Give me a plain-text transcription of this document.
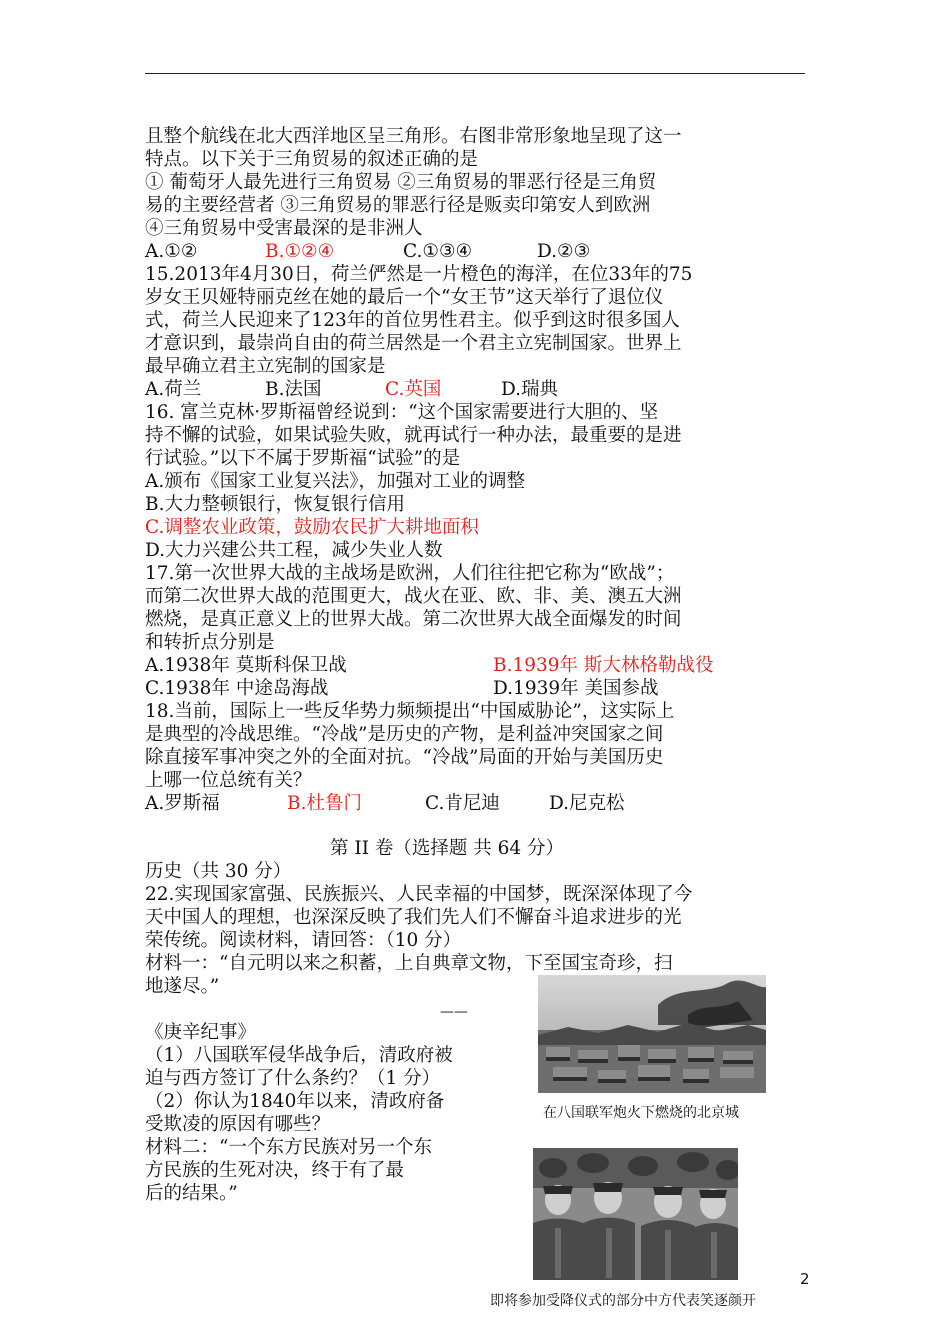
且整个航线在北大西洋地区呈三角形。右图非常形象地呈现了这一
特点。以下关于三角贸易的叙述正确的是
① 葡萄牙人最先进行三角贸易 ②三角贸易的罪恶行径是三角贸
易的主要经营者 ③三角贸易的罪恶行径是贩卖印第安人到欧洲
④三角贸易中受害最深的是非洲人
A.①②	B.①②④	C.①③④	D.②③
15.2013年4月30日，荷兰俨然是一片橙色的海洋，在位33年的75
岁女王贝娅特丽克丝在她的最后一个“女王节”这天举行了退位仪
式，荷兰人民迎来了123年的首位男性君主。似乎到这时很多国人
才意识到，最崇尚自由的荷兰居然是一个君主立宪制国家。世界上
最早确立君主立宪制的国家是
A.荷兰	B.法国	C.英国	D.瑞典
16. 富兰克林·罗斯福曾经说到：“这个国家需要进行大胆的、坚
持不懈的试验，如果试验失败，就再试行一种办法，最重要的是进
行试验。”以下不属于罗斯福“试验”的是
A.颁布《国家工业复兴法》，加强对工业的调整
B.大力整顿银行，恢复银行信用
C.调整农业政策，鼓励农民扩大耕地面积
D.大力兴建公共工程，减少失业人数
17.第一次世界大战的主战场是欧洲，人们往往把它称为“欧战”；
而第二次世界大战的范围更大，战火在亚、欧、非、美、澳五大洲
燃烧，是真正意义上的世界大战。第二次世界大战全面爆发的时间
和转折点分别是
A.1938年 莫斯科保卫战	B.1939年 斯大林格勒战役
C.1938年 中途岛海战	D.1939年 美国参战
18.当前，国际上一些反华势力频频提出“中国威胁论”，这实际上
是典型的冷战思维。“冷战”是历史的产物，是利益冲突国家之间
除直接军事冲突之外的全面对抗。“冷战”局面的开始与美国历史
上哪一位总统有关？
A.罗斯福	B.杜鲁门	C.肯尼迪	D.尼克松
第 II 卷（选择题 共 64 分）
历史（共 30 分）
22.实现国家富强、民族振兴、人民幸福的中国梦，既深深体现了今
天中国人的理想，也深深反映了我们先人们不懈奋斗追求进步的光
荣传统。阅读材料，请回答：（10 分）
材料一：“自元明以来之积蓄，上自典章文物，下至国宝奇珍，扫
地遂尽。”
——
《庚辛纪事》
（1）八国联军侵华战争后，清政府被
迫与西方签订了什么条约？（1 分）
（2）你认为1840年以来，清政府备
受欺凌的原因有哪些？
材料二：“一个东方民族对另一个东
方民族的生死对决，终于有了最
后的结果。”
在八国联军炮火下燃烧的北京城
即将参加受降仪式的部分中方代表笑逐颜开
2
